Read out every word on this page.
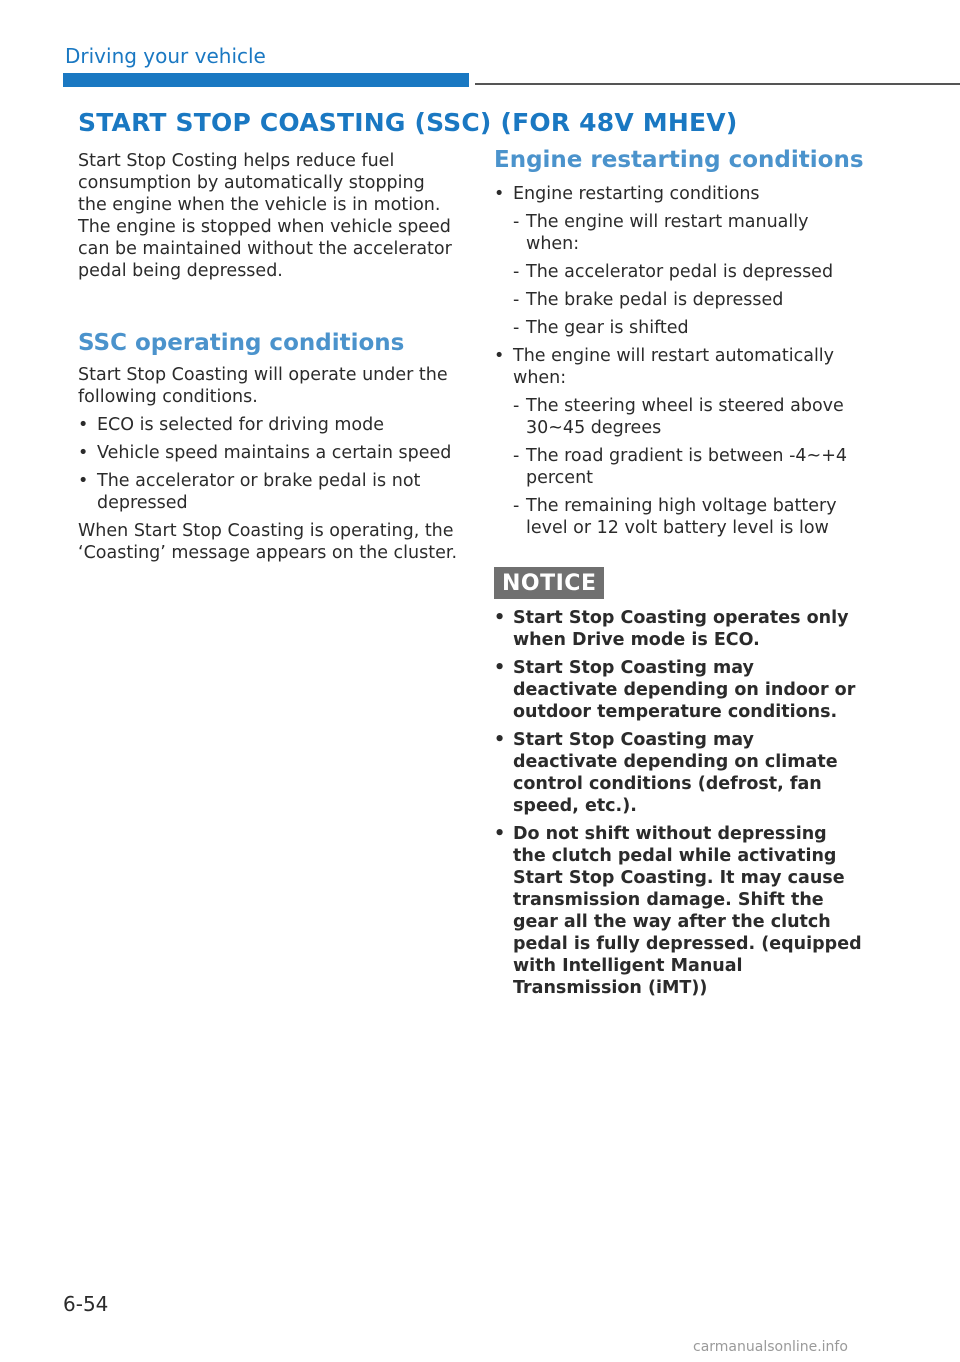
Driving your vehicle
START STOP COASTING (SSC) (FOR 48V MHEV)

Start Stop Costing helps reduce fuel consumption by automatically stopping the engine when the vehicle is in motion. The engine is stopped when vehicle speed can be maintained without the accelerator pedal being depressed.

SSC operating conditions

Start Stop Coasting will operate under the following conditions.

• ECO is selected for driving mode
• Vehicle speed maintains a certain speed
• The accelerator or brake pedal is not depressed

When Start Stop Coasting is operating, the ‘Coasting’ message appears on the cluster.

Engine restarting conditions
• Engine restarting conditions
- The engine will restart manually when:
- The accelerator pedal is depressed
- The brake pedal is depressed
- The gear is shifted
• The engine will restart automatically when:
- The steering wheel is steered above 30~45 degrees
- The road gradient is between -4~+4 percent
- The remaining high voltage battery level or 12 volt battery level is low
NOTICE
• Start Stop Coasting operates only when Drive mode is ECO.
• Start Stop Coasting may deactivate depending on indoor or outdoor temperature conditions.
• Start Stop Coasting may deactivate depending on climate control conditions (defrost, fan speed, etc.).
• Do not shift without depressing the clutch pedal while activating Start Stop Coasting. It may cause transmission damage. Shift the gear all the way after the clutch pedal is fully depressed. (equipped with Intelligent Manual Transmission (iMT))
6-54
carmanualsonline.info
